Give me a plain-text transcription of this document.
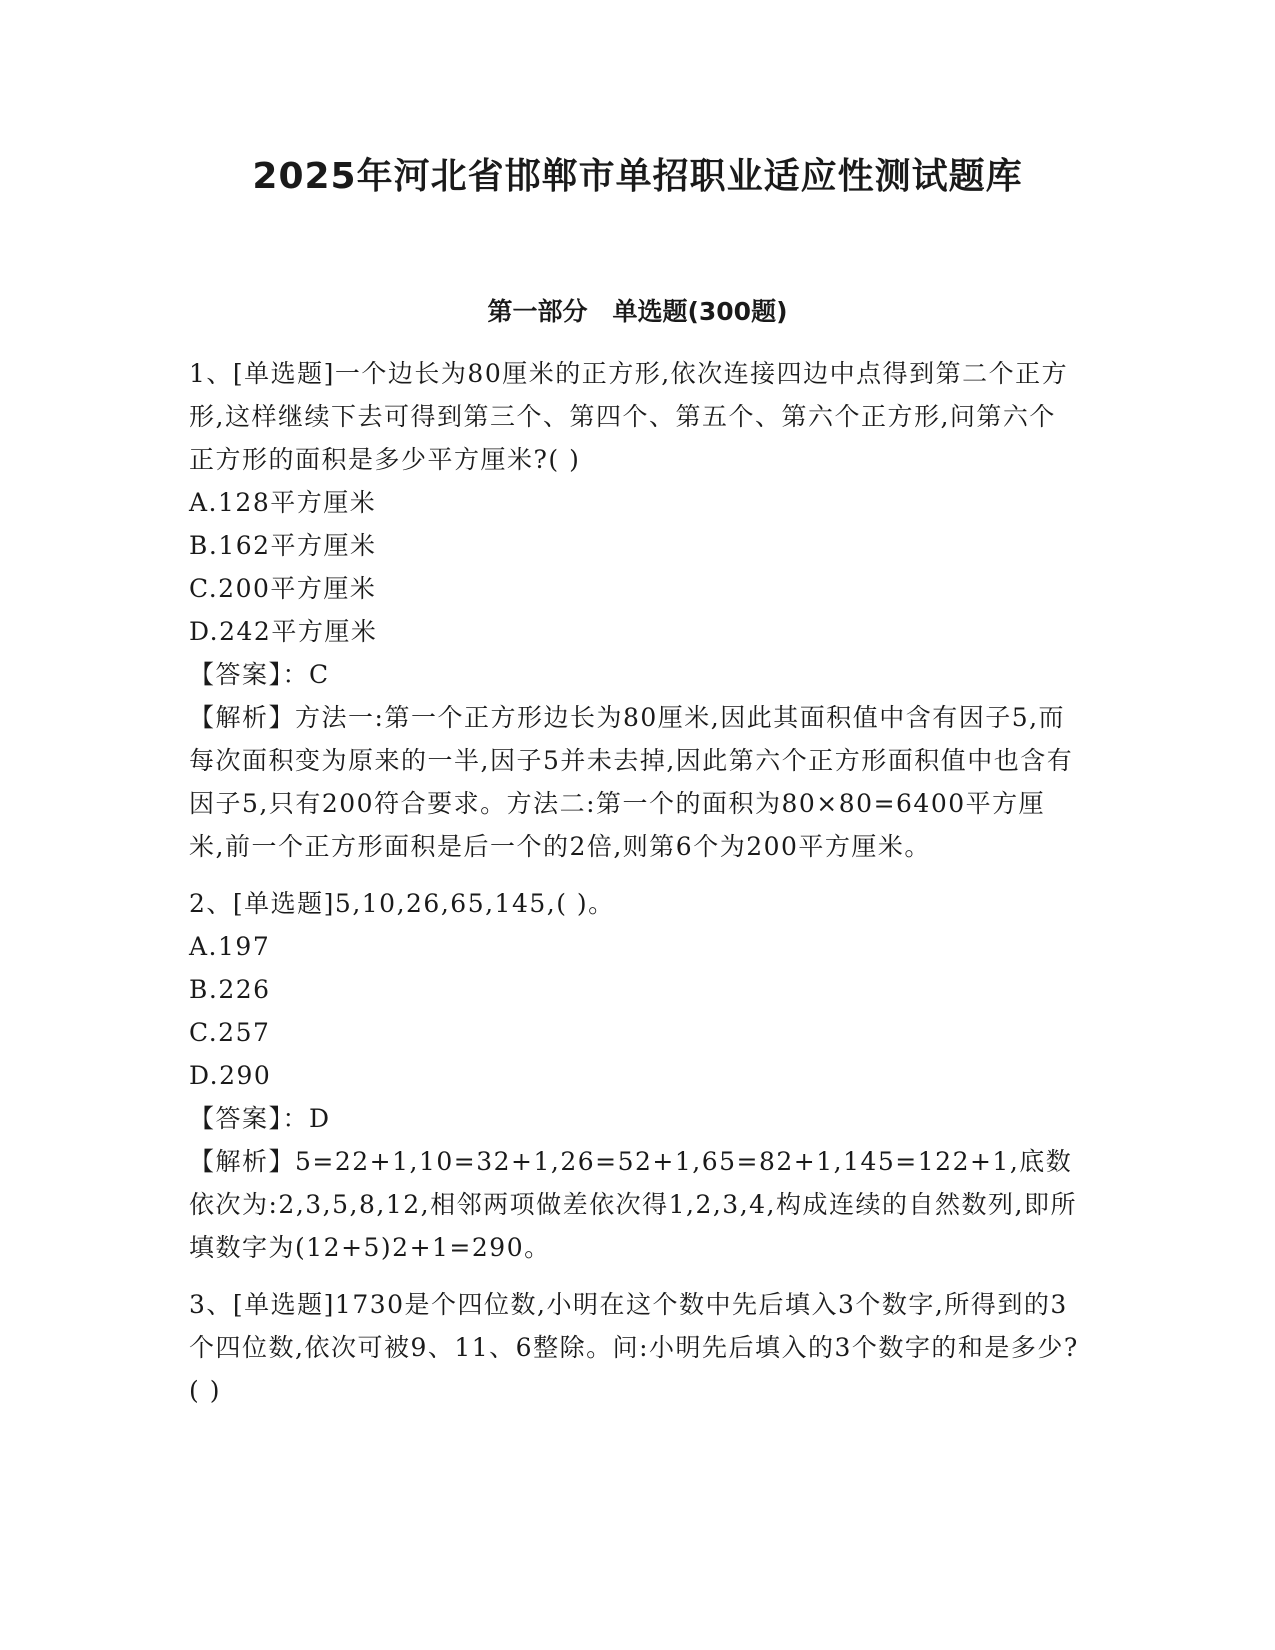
2025年河北省邯郸市单招职业适应性测试题库
第一部分　单选题(300题)

1、[单选题]一个边长为80厘米的正方形,依次连接四边中点得到第二个正方形,这样继续下去可得到第三个、第四个、第五个、第六个正方形,问第六个正方形的面积是多少平方厘米?( )

A.128平方厘米

B.162平方厘米

C.200平方厘米

D.242平方厘米

【答案】：C

【解析】方法一:第一个正方形边长为80厘米,因此其面积值中含有因子5,而每次面积变为原来的一半,因子5并未去掉,因此第六个正方形面积值中也含有因子5,只有200符合要求。方法二:第一个的面积为80×80=6400平方厘米,前一个正方形面积是后一个的2倍,则第6个为200平方厘米。

2、[单选题]5,10,26,65,145,( )。

A.197

B.226

C.257

D.290

【答案】：D

【解析】5=22+1,10=32+1,26=52+1,65=82+1,145=122+1,底数依次为:2,3,5,8,12,相邻两项做差依次得1,2,3,4,构成连续的自然数列,即所填数字为(12+5)2+1=290。

3、[单选题]1730是个四位数,小明在这个数中先后填入3个数字,所得到的3个四位数,依次可被9、11、6整除。问:小明先后填入的3个数字的和是多少?( )
